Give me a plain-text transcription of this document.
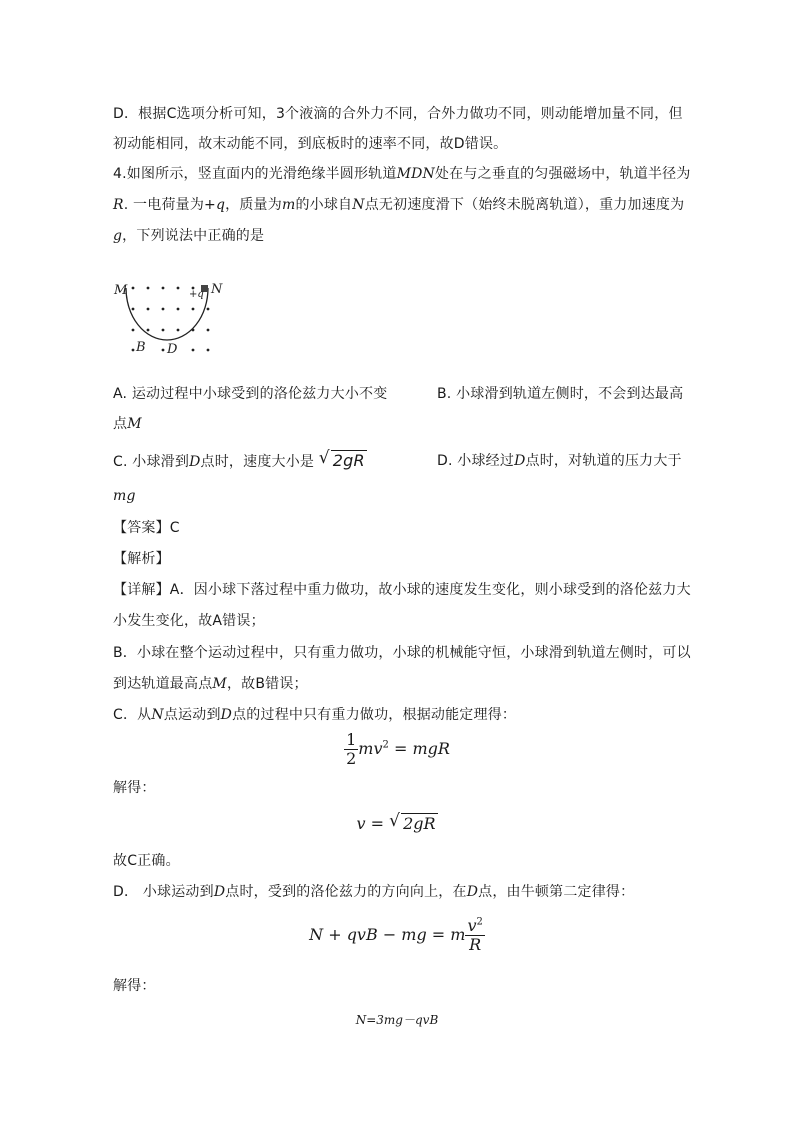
D．根据C选项分析可知，3个液滴的合外力不同，合外力做功不同，则动能增加量不同，但
初动能相同，故末动能不同，到底板时的速率不同，故D错误。
4.如图所示，竖直面内的光滑绝缘半圆形轨道MDN处在与之垂直的匀强磁场中，轨道半径为
R. 一电荷量为+q，质量为m的小球自N点无初速度滑下（始终未脱离轨道），重力加速度为
g，下列说法中正确的是
M	N
+q
B D
A. 运动过程中小球受到的洛伦兹力大小不变	B. 小球滑到轨道左侧时，不会到达最高
点M
C. 小球滑到D点时，速度大小是 √ 2gR	D. 小球经过D点时，对轨道的压力大于
mg
【答案】C
【解析】
【详解】A．因小球下落过程中重力做功，故小球的速度发生变化，则小球受到的洛伦兹力大
小发生变化，故A错误；
B．小球在整个运动过程中，只有重力做功，小球的机械能守恒，小球滑到轨道左侧时，可以
到达轨道最高点M，故B错误；
C．从N点运动到D点的过程中只有重力做功，根据动能定理得：
$\frac{1}{2} mv^2$ = mgR
解得：
v = √ 2gR
故C正确。
D． 小球运动到D点时，受到的洛伦兹力的方向向上，在D点，由牛顿第二定律得：
N + qvB − mg = m $\frac{v^2}{R}$
解得：
N=3mg－qvB
